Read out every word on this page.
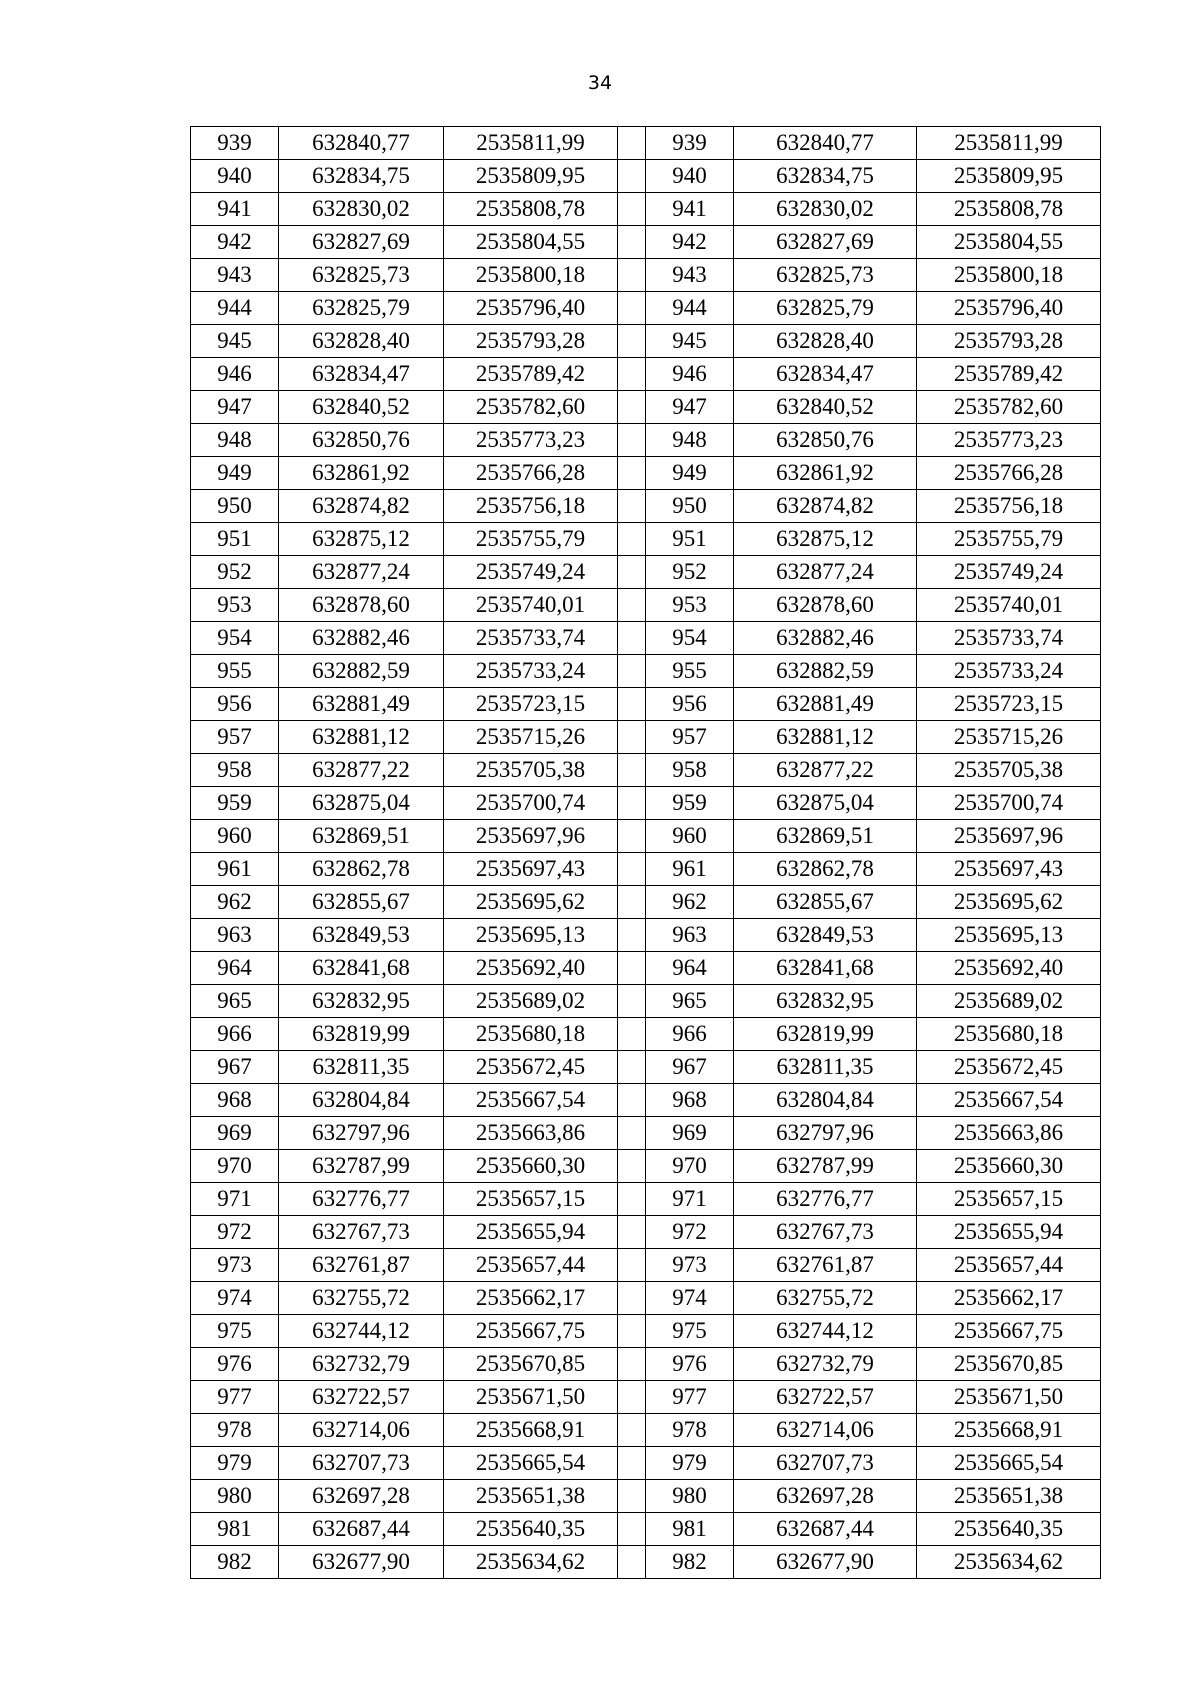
34
939	632840,77	2535811,99		939	632840,77	2535811,99
940	632834,75	2535809,95		940	632834,75	2535809,95
941	632830,02	2535808,78		941	632830,02	2535808,78
942	632827,69	2535804,55		942	632827,69	2535804,55
943	632825,73	2535800,18		943	632825,73	2535800,18
944	632825,79	2535796,40		944	632825,79	2535796,40
945	632828,40	2535793,28		945	632828,40	2535793,28
946	632834,47	2535789,42		946	632834,47	2535789,42
947	632840,52	2535782,60		947	632840,52	2535782,60
948	632850,76	2535773,23		948	632850,76	2535773,23
949	632861,92	2535766,28		949	632861,92	2535766,28
950	632874,82	2535756,18		950	632874,82	2535756,18
951	632875,12	2535755,79		951	632875,12	2535755,79
952	632877,24	2535749,24		952	632877,24	2535749,24
953	632878,60	2535740,01		953	632878,60	2535740,01
954	632882,46	2535733,74		954	632882,46	2535733,74
955	632882,59	2535733,24		955	632882,59	2535733,24
956	632881,49	2535723,15		956	632881,49	2535723,15
957	632881,12	2535715,26		957	632881,12	2535715,26
958	632877,22	2535705,38		958	632877,22	2535705,38
959	632875,04	2535700,74		959	632875,04	2535700,74
960	632869,51	2535697,96		960	632869,51	2535697,96
961	632862,78	2535697,43		961	632862,78	2535697,43
962	632855,67	2535695,62		962	632855,67	2535695,62
963	632849,53	2535695,13		963	632849,53	2535695,13
964	632841,68	2535692,40		964	632841,68	2535692,40
965	632832,95	2535689,02		965	632832,95	2535689,02
966	632819,99	2535680,18		966	632819,99	2535680,18
967	632811,35	2535672,45		967	632811,35	2535672,45
968	632804,84	2535667,54		968	632804,84	2535667,54
969	632797,96	2535663,86		969	632797,96	2535663,86
970	632787,99	2535660,30		970	632787,99	2535660,30
971	632776,77	2535657,15		971	632776,77	2535657,15
972	632767,73	2535655,94		972	632767,73	2535655,94
973	632761,87	2535657,44		973	632761,87	2535657,44
974	632755,72	2535662,17		974	632755,72	2535662,17
975	632744,12	2535667,75		975	632744,12	2535667,75
976	632732,79	2535670,85		976	632732,79	2535670,85
977	632722,57	2535671,50		977	632722,57	2535671,50
978	632714,06	2535668,91		978	632714,06	2535668,91
979	632707,73	2535665,54		979	632707,73	2535665,54
980	632697,28	2535651,38		980	632697,28	2535651,38
981	632687,44	2535640,35		981	632687,44	2535640,35
982	632677,90	2535634,62		982	632677,90	2535634,62
